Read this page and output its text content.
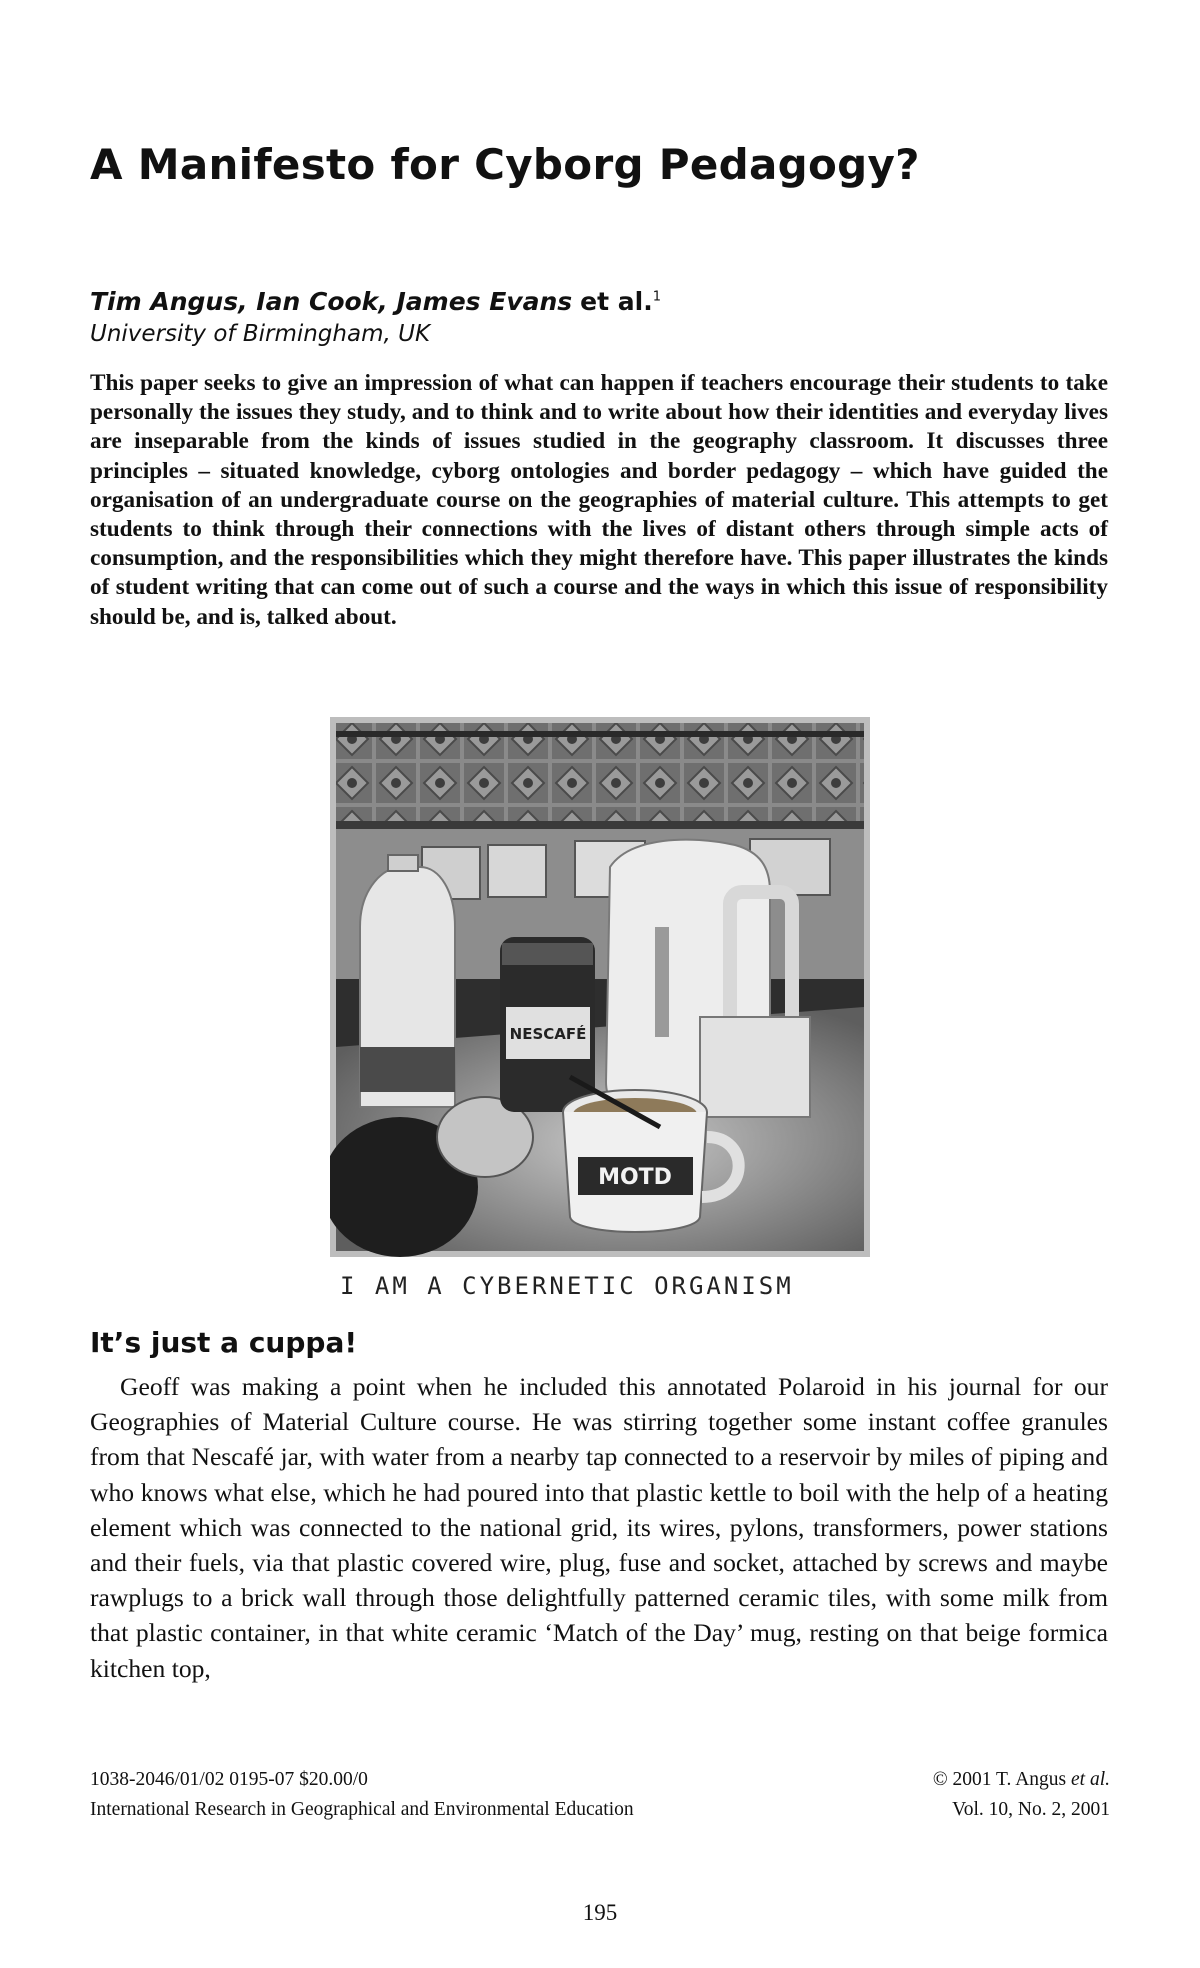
A Manifesto for Cyborg Pedagogy?
Tim Angus, Ian Cook, James Evans et al.$^1$
University of Birmingham, UK

This paper seeks to give an impression of what can happen if teachers encourage their students to take personally the issues they study, and to think and to write about how their identities and everyday lives are inseparable from the kinds of issues studied in the geography classroom. It discusses three principles – situated knowledge, cyborg ontologies and border pedagogy – which have guided the organisation of an undergraduate course on the geographies of material culture. This attempts to get students to think through their connections with the lives of distant others through simple acts of consumption, and the responsibilities which they might therefore have. This paper illustrates the kinds of student writing that can come out of such a course and the ways in which this issue of responsibility should be, and is, talked about.

NESCAFÉ
MOTD
I AM A CYBERNETIC ORGANISM
It’s just a cuppa!

Geoff was making a point when he included this annotated Polaroid in his journal for our Geographies of Material Culture course. He was stirring together some instant coffee granules from that Nescafé jar, with water from a nearby tap connected to a reservoir by miles of piping and who knows what else, which he had poured into that plastic kettle to boil with the help of a heating element which was connected to the national grid, its wires, pylons, transformers, power stations and their fuels, via that plastic covered wire, plug, fuse and socket, attached by screws and maybe rawplugs to a brick wall through those delightfully patterned ceramic tiles, with some milk from that plastic container, in that white ceramic ‘Match of the Day’ mug, resting on that beige formica kitchen top,

1038-2046/01/02 0195-07 $20.00/0
International Research in Geographical and Environmental Education
© 2001 T. Angus et al.
Vol. 10, No. 2, 2001
195
